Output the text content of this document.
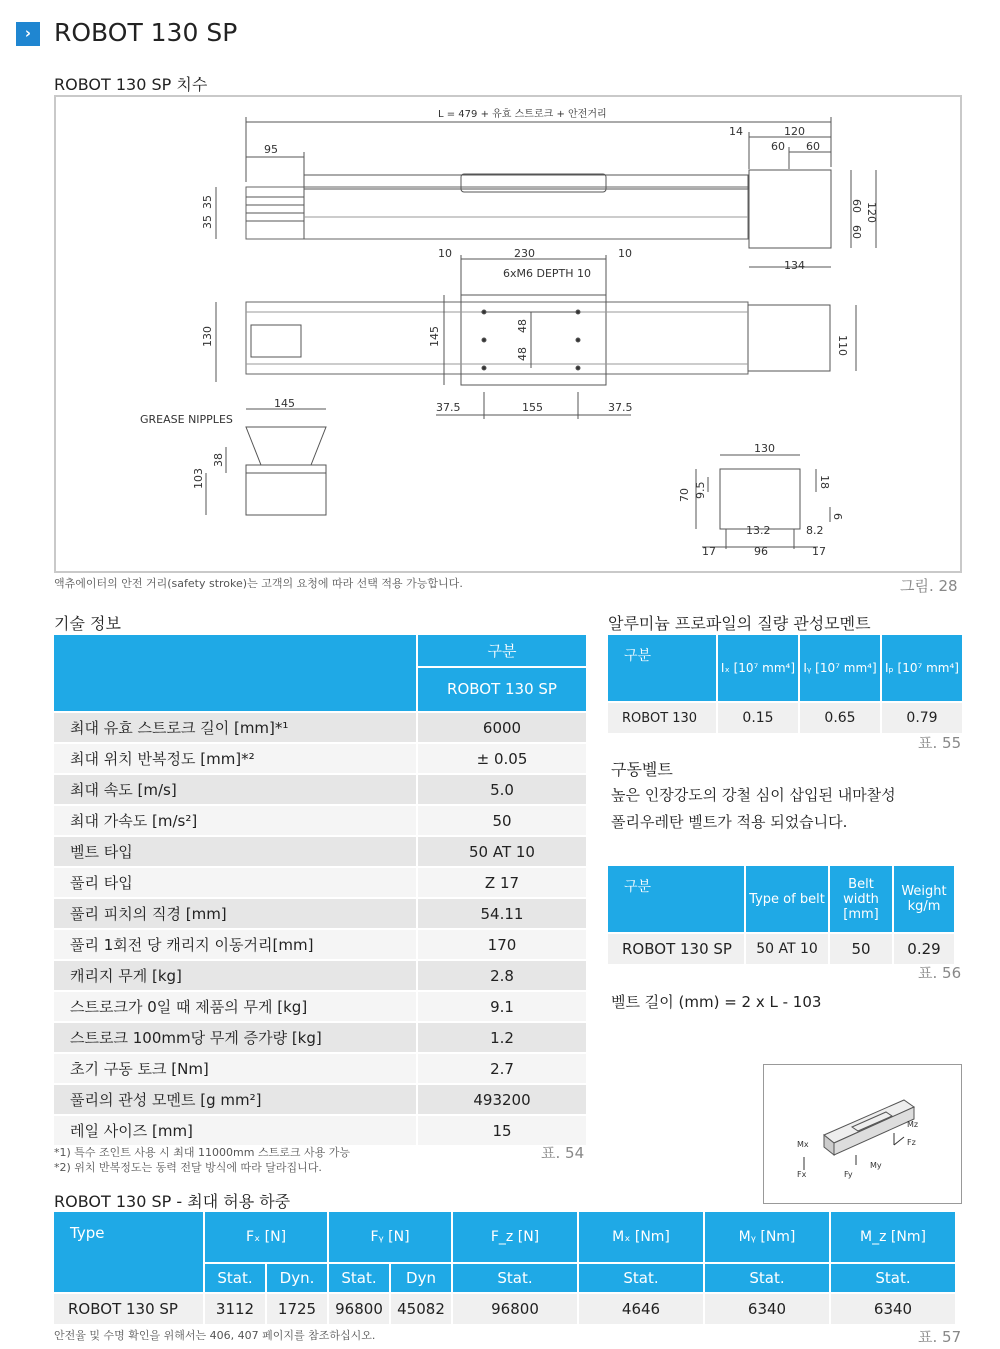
› ROBOT 130 SP
ROBOT 130 SP 치수
L = 479 + 유효 스트로크 + 안전거리
95
14	120
60 60
35
35
60
60
120
134
10	230	10
6xM6 DEPTH 10
130	145	48
48	110
37.5	155	37.5
GREASE NIPPLES
145
103
38
130
70 9.5	18
6
13.2	8.2
17	96	17
액츄에이터의 안전 거리(safety stroke)는 고객의 요청에 따라 선택 적용 가능합니다.	그림. 28
기술 정보
	구분
	ROBOT 130 SP
최대 유효 스트로크 길이 [mm]*¹	6000
최대 위치 반복정도 [mm]*²	± 0.05
최대 속도 [m/s]	5.0
최대 가속도 [m/s²]	50
벨트 타입	50 AT 10
풀리 타입	Z 17
풀리 피치의 직경 [mm]	54.11
풀리 1회전 당 캐리지 이동거리[mm]	170
캐리지 무게 [kg]	2.8
스트로크가 0일 때 제품의 무게 [kg]	9.1
스트로크 100mm당 무게 증가량 [kg]	1.2
초기 구동 토크 [Nm]	2.7
풀리의 관성 모멘트 [g mm²]	493200
레일 사이즈 [mm]	15
*1) 특수 조인트 사용 시 최대 11000mm 스트로크 사용 가능
*2) 위치 반복정도는 동력 전달 방식에 따라 달라집니다.
표. 54
알루미늄 프로파일의 질량 관성모멘트
구분	Iₓ [10⁷ mm⁴]	Iᵧ [10⁷ mm⁴]	Iₚ [10⁷ mm⁴]
ROBOT 130	0.15	0.65	0.79
표. 55
구동벨트
높은 인장강도의 강철 심이 삽입된 내마찰성
폴리우레탄 벨트가 적용 되었습니다.
구분	Type of belt	Belt width [mm]	Weight kg/m
ROBOT 130 SP	50 AT 10	50	0.29
표. 56
벨트 길이 (mm) = 2 x L - 103
Mx
Mz
Fz
Fx	Fy
My
ROBOT 130 SP - 최대 허용 하중
Type	Fₓ [N]		Fᵧ [N]		F_z [N]	Mₓ [Nm]	Mᵧ [Nm]	M_z [Nm]
	Stat.	Dyn.	Stat.	Dyn	Stat.	Stat.	Stat.	Stat.
ROBOT 130 SP	3112	1725	96800	45082	96800	4646	6340	6340
안전율 및 수명 확인을 위해서는 406, 407 페이지를 참조하십시오.	표. 57
